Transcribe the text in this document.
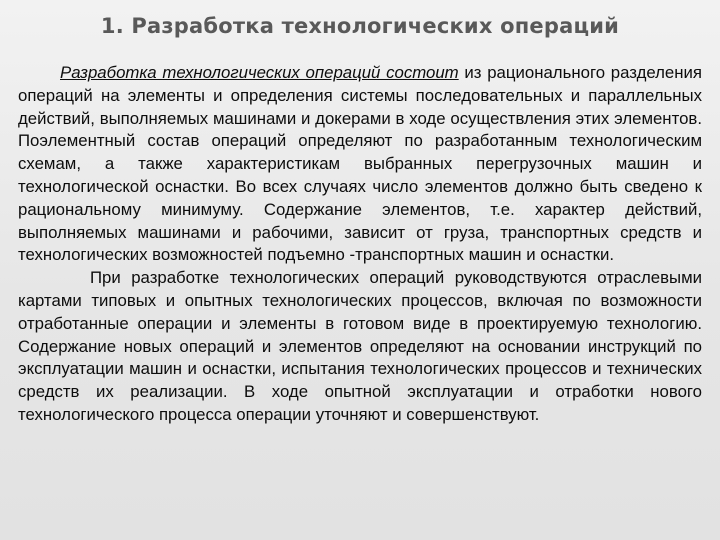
1. Разработка технологических операций

Разработка технологических операций состоит из рационального разделения операций на элементы и определения системы последовательных и параллельных действий, выполняемых машинами и докерами в ходе осуществления этих элементов. Поэлементный состав операций определяют по разработанным технологическим схемам, а также характеристикам выбранных перегрузочных машин и технологической оснастки. Во всех случаях число элементов должно быть сведено к рациональному минимуму. Содержание элементов, т.е. характер действий, выполняемых машинами и рабочими, зависит от груза, транспортных средств и технологических возможностей подъемно -транспортных машин и оснастки.

При разработке технологических операций руководствуются отраслевыми картами типовых и опытных технологических процессов, включая по возможности отработанные операции и элементы в готовом виде в проектируемую технологию. Содержание новых операций и элементов определяют на основании инструкций по эксплуатации машин и оснастки, испытания технологических процессов и технических средств их реализации. В ходе опытной эксплуатации и отработки нового технологического процесса операции уточняют и совершенствуют.
